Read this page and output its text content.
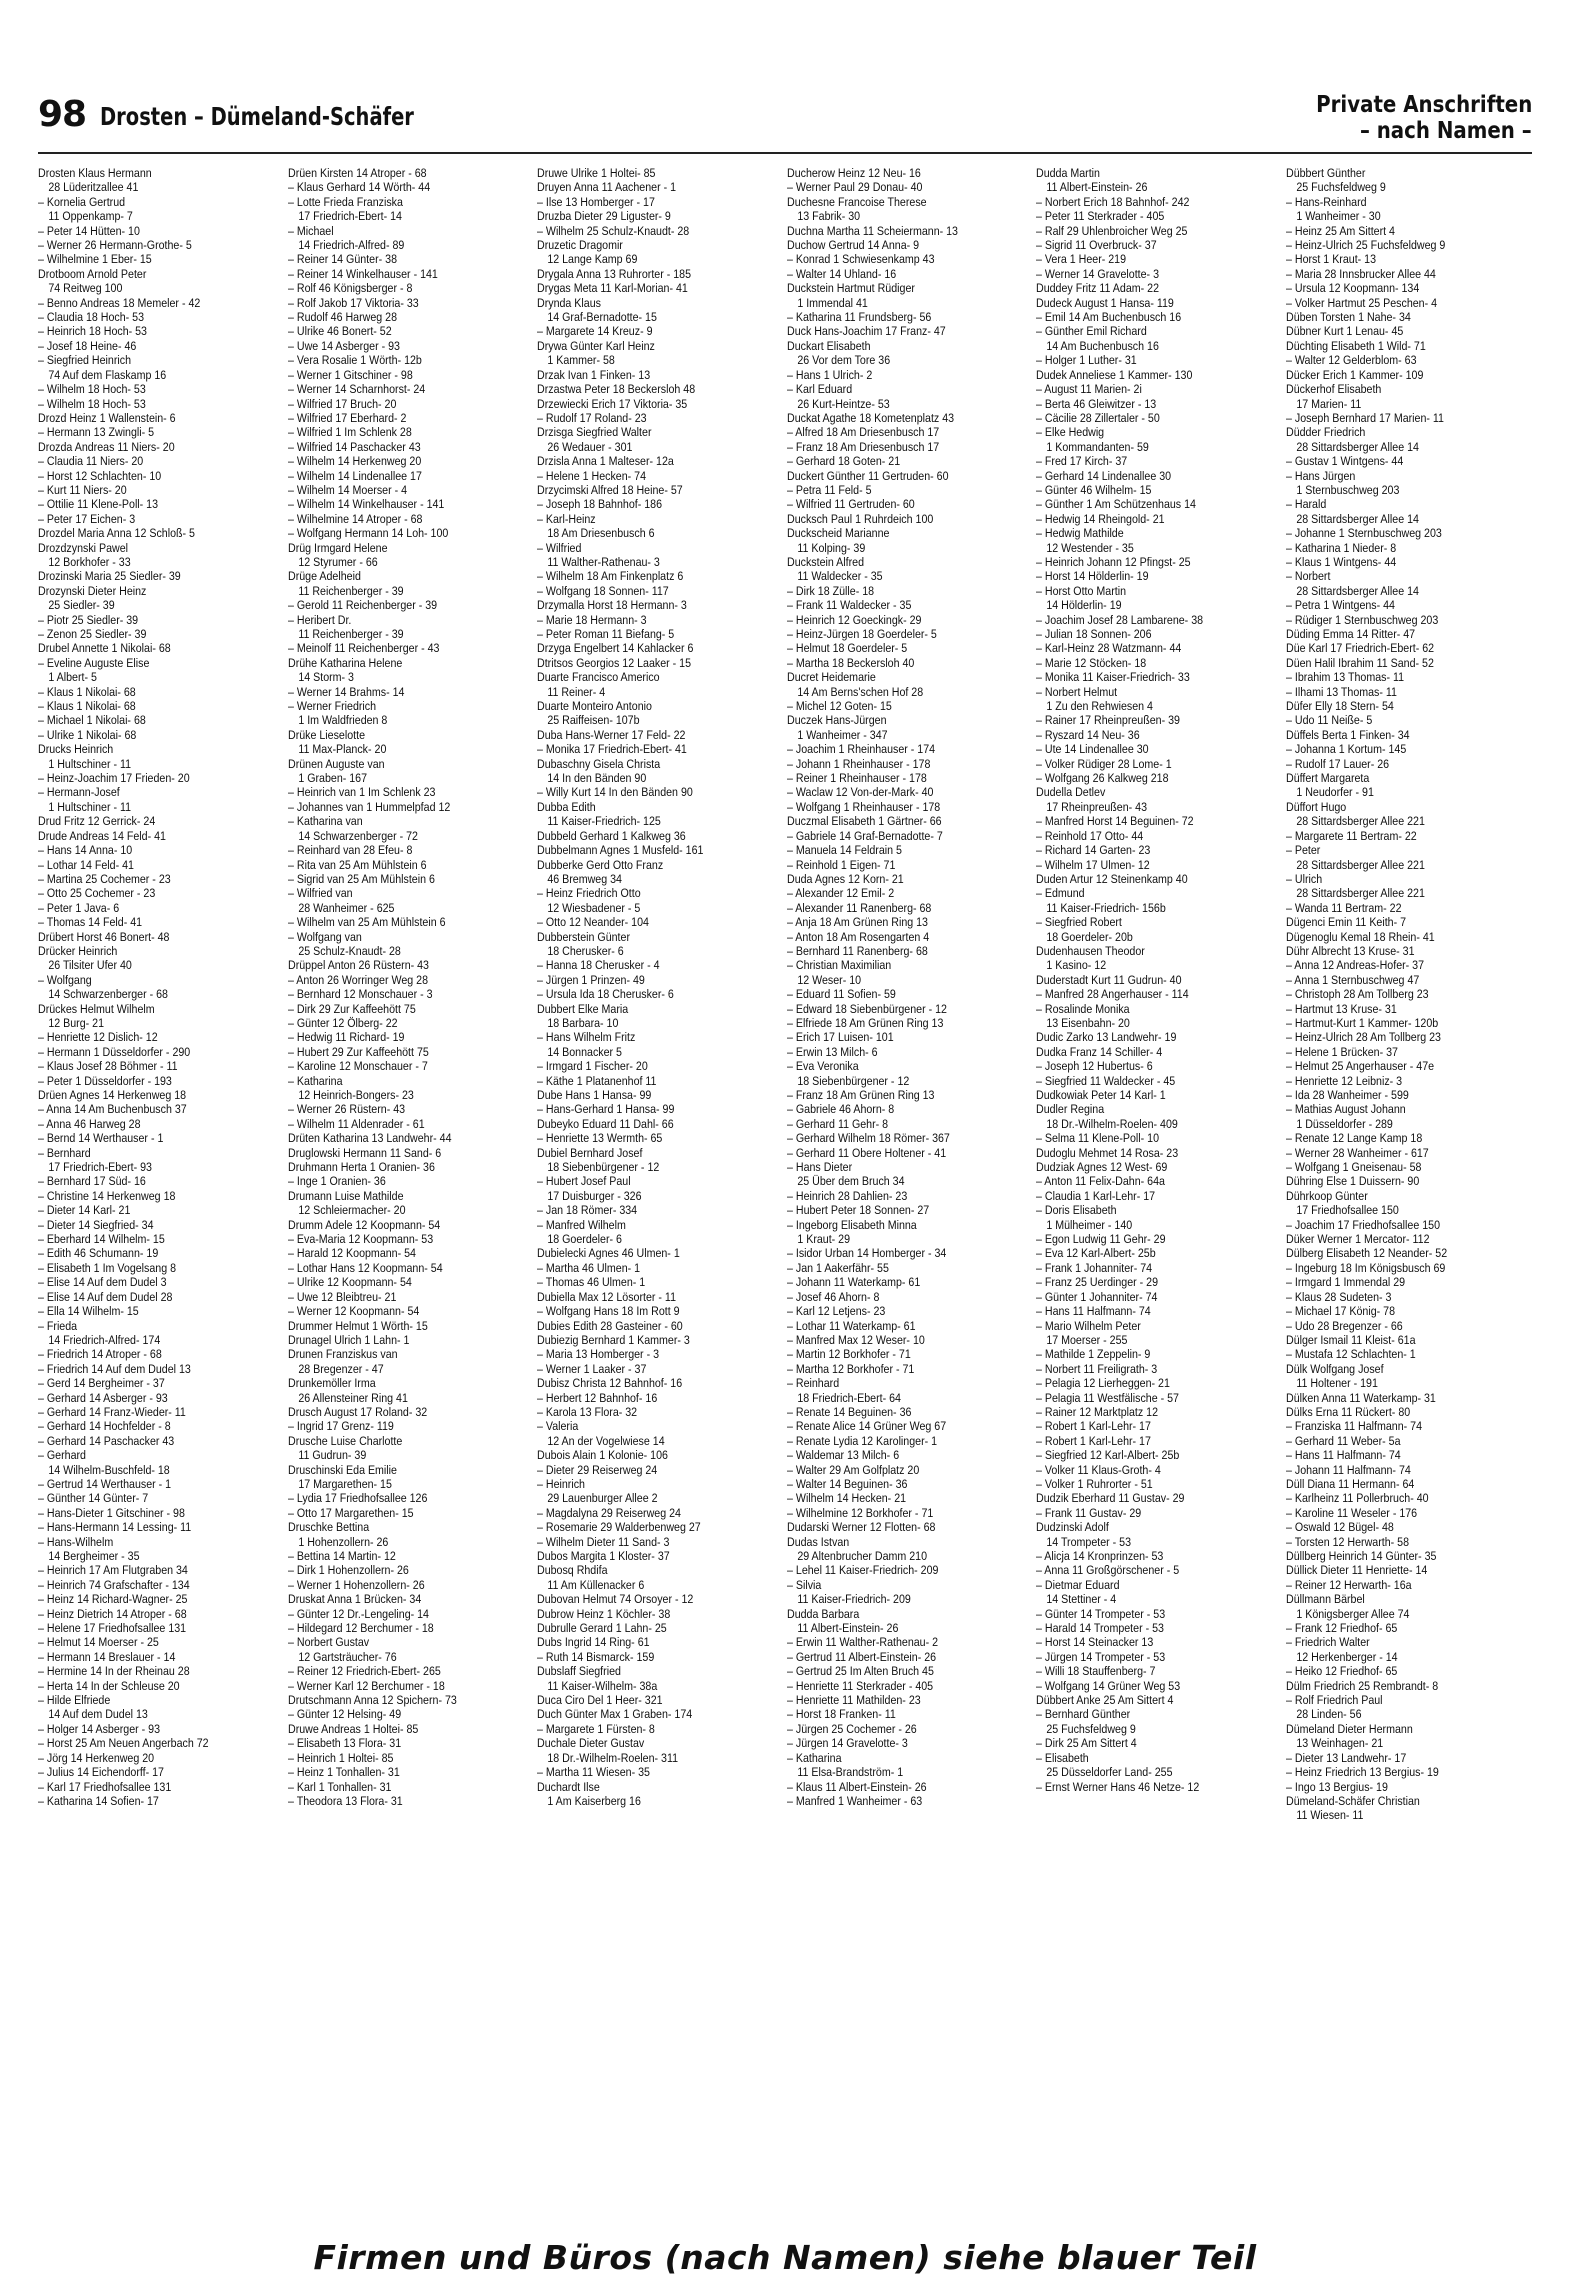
98 Drosten – Dümeland-Schäfer	Private Anschriften
– nach Namen –
Drosten Klaus Hermann
28 Lüderitzallee 41
– Kornelia Gertrud
11 Oppenkamp- 7
– Peter 14 Hütten- 10
– Werner 26 Hermann-Grothe- 5
– Wilhelmine 1 Eber- 15
Drotboom Arnold Peter
74 Reitweg 100
– Benno Andreas 18 Memeler - 42
– Claudia 18 Hoch- 53
– Heinrich 18 Hoch- 53
– Josef 18 Heine- 46
– Siegfried Heinrich
74 Auf dem Flaskamp 16
– Wilhelm 18 Hoch- 53
– Wilhelm 18 Hoch- 53
Drozd Heinz 1 Wallenstein- 6
– Hermann 13 Zwingli- 5
Drozda Andreas 11 Niers- 20
– Claudia 11 Niers- 20
– Horst 12 Schlachten- 10
– Kurt 11 Niers- 20
– Ottilie 11 Klene-Poll- 13
– Peter 17 Eichen- 3
Drozdel Maria Anna 12 Schloß- 5
Drozdzynski Pawel
12 Borkhofer - 33
Drozinski Maria 25 Siedler- 39
Drozynski Dieter Heinz
25 Siedler- 39
– Piotr 25 Siedler- 39
– Zenon 25 Siedler- 39
Drubel Annette 1 Nikolai- 68
– Eveline Auguste Elise
1 Albert- 5
– Klaus 1 Nikolai- 68
– Klaus 1 Nikolai- 68
– Michael 1 Nikolai- 68
– Ulrike 1 Nikolai- 68
Drucks Heinrich
1 Hultschiner - 11
– Heinz-Joachim 17 Frieden- 20
– Hermann-Josef
1 Hultschiner - 11
Drud Fritz 12 Gerrick- 24
Drude Andreas 14 Feld- 41
– Hans 14 Anna- 10
– Lothar 14 Feld- 41
– Martina 25 Cochemer - 23
– Otto 25 Cochemer - 23
– Peter 1 Java- 6
– Thomas 14 Feld- 41
Drübert Horst 46 Bonert- 48
Drücker Heinrich
26 Tilsiter Ufer 40
– Wolfgang
14 Schwarzenberger - 68
Drückes Helmut Wilhelm
12 Burg- 21
– Henriette 12 Dislich- 12
– Hermann 1 Düsseldorfer - 290
– Klaus Josef 28 Böhmer - 11
– Peter 1 Düsseldorfer - 193
Drüen Agnes 14 Herkenweg 18
– Anna 14 Am Buchenbusch 37
– Anna 46 Harweg 28
– Bernd 14 Werthauser - 1
– Bernhard
17 Friedrich-Ebert- 93
– Bernhard 17 Süd- 16
– Christine 14 Herkenweg 18
– Dieter 14 Karl- 21
– Dieter 14 Siegfried- 34
– Eberhard 14 Wilhelm- 15
– Edith 46 Schumann- 19
– Elisabeth 1 Im Vogelsang 8
– Elise 14 Auf dem Dudel 3
– Elise 14 Auf dem Dudel 28
– Ella 14 Wilhelm- 15
– Frieda
14 Friedrich-Alfred- 174
– Friedrich 14 Atroper - 68
– Friedrich 14 Auf dem Dudel 13
– Gerd 14 Bergheimer - 37
– Gerhard 14 Asberger - 93
– Gerhard 14 Franz-Wieder- 11
– Gerhard 14 Hochfelder - 8
– Gerhard 14 Paschacker 43
– Gerhard
14 Wilhelm-Buschfeld- 18
– Gertrud 14 Werthauser - 1
– Günther 14 Günter- 7
– Hans-Dieter 1 Gitschiner - 98
– Hans-Hermann 14 Lessing- 11
– Hans-Wilhelm
14 Bergheimer - 35
– Heinrich 17 Am Flutgraben 34
– Heinrich 74 Grafschafter - 134
– Heinz 14 Richard-Wagner- 25
– Heinz Dietrich 14 Atroper - 68
– Helene 17 Friedhofsallee 131
– Helmut 14 Moerser - 25
– Hermann 14 Breslauer - 14
– Hermine 14 In der Rheinau 28
– Herta 14 In der Schleuse 20
– Hilde Elfriede
14 Auf dem Dudel 13
– Holger 14 Asberger - 93
– Horst 25 Am Neuen Angerbach 72
– Jörg 14 Herkenweg 20
– Julius 14 Eichendorff- 17
– Karl 17 Friedhofsallee 131
– Katharina 14 Sofien- 17
Drüen Kirsten 14 Atroper - 68
– Klaus Gerhard 14 Wörth- 44
– Lotte Frieda Franziska
17 Friedrich-Ebert- 14
– Michael
14 Friedrich-Alfred- 89
– Reiner 14 Günter- 38
– Reiner 14 Winkelhauser - 141
– Rolf 46 Königsberger - 8
– Rolf Jakob 17 Viktoria- 33
– Rudolf 46 Harweg 28
– Ulrike 46 Bonert- 52
– Uwe 14 Asberger - 93
– Vera Rosalie 1 Wörth- 12b
– Werner 1 Gitschiner - 98
– Werner 14 Scharnhorst- 24
– Wilfried 17 Bruch- 20
– Wilfried 17 Eberhard- 2
– Wilfried 1 Im Schlenk 28
– Wilfried 14 Paschacker 43
– Wilhelm 14 Herkenweg 20
– Wilhelm 14 Lindenallee 17
– Wilhelm 14 Moerser - 4
– Wilhelm 14 Winkelhauser - 141
– Wilhelmine 14 Atroper - 68
– Wolfgang Hermann 14 Loh- 100
Drüg Irmgard Helene
12 Styrumer - 66
Drüge Adelheid
11 Reichenberger - 39
– Gerold 11 Reichenberger - 39
– Heribert Dr.
11 Reichenberger - 39
– Meinolf 11 Reichenberger - 43
Drühe Katharina Helene
14 Storm- 3
– Werner 14 Brahms- 14
– Werner Friedrich
1 Im Waldfrieden 8
Drüke Lieselotte
11 Max-Planck- 20
Drünen Auguste van
1 Graben- 167
– Heinrich van 1 Im Schlenk 23
– Johannes van 1 Hummelpfad 12
– Katharina van
14 Schwarzenberger - 72
– Reinhard van 28 Efeu- 8
– Rita van 25 Am Mühlstein 6
– Sigrid van 25 Am Mühlstein 6
– Wilfried van
28 Wanheimer - 625
– Wilhelm van 25 Am Mühlstein 6
– Wolfgang van
25 Schulz-Knaudt- 28
Drüppel Anton 26 Rüstern- 43
– Anton 26 Worringer Weg 28
– Bernhard 12 Monschauer - 3
– Dirk 29 Zur Kaffeehött 75
– Günter 12 Ölberg- 22
– Hedwig 11 Richard- 19
– Hubert 29 Zur Kaffeehött 75
– Karoline 12 Monschauer - 7
– Katharina
12 Heinrich-Bongers- 23
– Werner 26 Rüstern- 43
– Wilhelm 11 Aldenrader - 61
Drüten Katharina 13 Landwehr- 44
Druglowski Hermann 11 Sand- 6
Druhmann Herta 1 Oranien- 36
– Inge 1 Oranien- 36
Drumann Luise Mathilde
12 Schleiermacher- 20
Drumm Adele 12 Koopmann- 54
– Eva-Maria 12 Koopmann- 53
– Harald 12 Koopmann- 54
– Lothar Hans 12 Koopmann- 54
– Ulrike 12 Koopmann- 54
– Uwe 12 Bleibtreu- 21
– Werner 12 Koopmann- 54
Drummer Helmut 1 Wörth- 15
Drunagel Ulrich 1 Lahn- 1
Drunen Franziskus van
28 Bregenzer - 47
Drunkemöller Irma
26 Allensteiner Ring 41
Drusch August 17 Roland- 32
– Ingrid 17 Grenz- 119
Drusche Luise Charlotte
11 Gudrun- 39
Druschinski Eda Emilie
17 Margarethen- 15
– Lydia 17 Friedhofsallee 126
– Otto 17 Margarethen- 15
Druschke Bettina
1 Hohenzollern- 26
– Bettina 14 Martin- 12
– Dirk 1 Hohenzollern- 26
– Werner 1 Hohenzollern- 26
Druskat Anna 1 Brücken- 34
– Günter 12 Dr.-Lengeling- 14
– Hildegard 12 Berchumer - 18
– Norbert Gustav
12 Gartsträucher- 76
– Reiner 12 Friedrich-Ebert- 265
– Werner Karl 12 Berchumer - 18
Drutschmann Anna 12 Spichern- 73
– Günter 12 Helsing- 49
Druwe Andreas 1 Holtei- 85
– Elisabeth 13 Flora- 31
– Heinrich 1 Holtei- 85
– Heinz 1 Tonhallen- 31
– Karl 1 Tonhallen- 31
– Theodora 13 Flora- 31
Druwe Ulrike 1 Holtei- 85
Druyen Anna 11 Aachener - 1
– Ilse 13 Homberger - 17
Druzba Dieter 29 Liguster- 9
– Wilhelm 25 Schulz-Knaudt- 28
Druzetic Dragomir
12 Lange Kamp 69
Drygala Anna 13 Ruhrorter - 185
Drygas Meta 11 Karl-Morian- 41
Drynda Klaus
14 Graf-Bernadotte- 15
– Margarete 14 Kreuz- 9
Drywa Günter Karl Heinz
1 Kammer- 58
Drzak Ivan 1 Finken- 13
Drzastwa Peter 18 Beckersloh 48
Drzewiecki Erich 17 Viktoria- 35
– Rudolf 17 Roland- 23
Drzisga Siegfried Walter
26 Wedauer - 301
Drzisla Anna 1 Malteser- 12a
– Helene 1 Hecken- 74
Drzycimski Alfred 18 Heine- 57
– Joseph 18 Bahnhof- 186
– Karl-Heinz
18 Am Driesenbusch 6
– Wilfried
11 Walther-Rathenau- 3
– Wilhelm 18 Am Finkenplatz 6
– Wolfgang 18 Sonnen- 117
Drzymalla Horst 18 Hermann- 3
– Marie 18 Hermann- 3
– Peter Roman 11 Biefang- 5
Drzyga Engelbert 14 Kahlacker 6
Dtritsos Georgios 12 Laaker - 15
Duarte Francisco Americo
11 Reiner- 4
Duarte Monteiro Antonio
25 Raiffeisen- 107b
Duba Hans-Werner 17 Feld- 22
– Monika 17 Friedrich-Ebert- 41
Dubaschny Gisela Christa
14 In den Bänden 90
– Willy Kurt 14 In den Bänden 90
Dubba Edith
11 Kaiser-Friedrich- 125
Dubbeld Gerhard 1 Kalkweg 36
Dubbelmann Agnes 1 Musfeld- 161
Dubberke Gerd Otto Franz
46 Bremweg 34
– Heinz Friedrich Otto
12 Wiesbadener - 5
– Otto 12 Neander- 104
Dubberstein Günter
18 Cherusker- 6
– Hanna 18 Cherusker - 4
– Jürgen 1 Prinzen- 49
– Ursula Ida 18 Cherusker- 6
Dubbert Elke Maria
18 Barbara- 10
– Hans Wilhelm Fritz
14 Bonnacker 5
– Irmgard 1 Fischer- 20
– Käthe 1 Platanenhof 11
Dube Hans 1 Hansa- 99
– Hans-Gerhard 1 Hansa- 99
Dubeyko Eduard 11 Dahl- 66
– Henriette 13 Wermth- 65
Dubiel Bernhard Josef
18 Siebenbürgener - 12
– Hubert Josef Paul
17 Duisburger - 326
– Jan 18 Römer- 334
– Manfred Wilhelm
18 Goerdeler- 6
Dubielecki Agnes 46 Ulmen- 1
– Martha 46 Ulmen- 1
– Thomas 46 Ulmen- 1
Dubiella Max 12 Lösorter - 11
– Wolfgang Hans 18 Im Rott 9
Dubies Edith 28 Gasteiner - 60
Dubiezig Bernhard 1 Kammer- 3
– Maria 13 Homberger - 3
– Werner 1 Laaker - 37
Dubisz Christa 12 Bahnhof- 16
– Herbert 12 Bahnhof- 16
– Karola 13 Flora- 32
– Valeria
12 An der Vogelwiese 14
Dubois Alain 1 Kolonie- 106
– Dieter 29 Reiserweg 24
– Heinrich
29 Lauenburger Allee 2
– Magdalyna 29 Reiserweg 24
– Rosemarie 29 Walderbenweg 27
– Wilhelm Dieter 11 Sand- 3
Dubos Margita 1 Kloster- 37
Dubosq Rhdifa
11 Am Küllenacker 6
Dubovan Helmut 74 Orsoyer - 12
Dubrow Heinz 1 Köchler- 38
Dubrulle Gerard 1 Lahn- 25
Dubs Ingrid 14 Ring- 61
– Ruth 14 Bismarck- 159
Dubslaff Siegfried
11 Kaiser-Wilhelm- 38a
Duca Ciro Del 1 Heer- 321
Duch Günter Max 1 Graben- 174
– Margarete 1 Fürsten- 8
Duchale Dieter Gustav
18 Dr.-Wilhelm-Roelen- 311
– Martha 11 Wiesen- 35
Duchardt Ilse
1 Am Kaiserberg 16
Ducherow Heinz 12 Neu- 16
– Werner Paul 29 Donau- 40
Duchesne Francoise Therese
13 Fabrik- 30
Duchna Martha 11 Scheiermann- 13
Duchow Gertrud 14 Anna- 9
– Konrad 1 Schwiesenkamp 43
– Walter 14 Uhland- 16
Duckstein Hartmut Rüdiger
1 Immendal 41
– Katharina 11 Frundsberg- 56
Duck Hans-Joachim 17 Franz- 47
Duckart Elisabeth
26 Vor dem Tore 36
– Hans 1 Ulrich- 2
– Karl Eduard
26 Kurt-Heintze- 53
Duckat Agathe 18 Kometenplatz 43
– Alfred 18 Am Driesenbusch 17
– Franz 18 Am Driesenbusch 17
– Gerhard 18 Goten- 21
Duckert Günther 11 Gertruden- 60
– Petra 11 Feld- 5
– Wilfried 11 Gertruden- 60
Ducksch Paul 1 Ruhrdeich 100
Duckscheid Marianne
11 Kolping- 39
Duckstein Alfred
11 Waldecker - 35
– Dirk 18 Zülle- 18
– Frank 11 Waldecker - 35
– Heinrich 12 Goeckingk- 29
– Heinz-Jürgen 18 Goerdeler- 5
– Helmut 18 Goerdeler- 5
– Martha 18 Beckersloh 40
Ducret Heidemarie
14 Am Berns'schen Hof 28
– Michel 12 Goten- 15
Duczek Hans-Jürgen
1 Wanheimer - 347
– Joachim 1 Rheinhauser - 174
– Johann 1 Rheinhauser - 178
– Reiner 1 Rheinhauser - 178
– Waclaw 12 Von-der-Mark- 40
– Wolfgang 1 Rheinhauser - 178
Duczmal Elisabeth 1 Gärtner- 66
– Gabriele 14 Graf-Bernadotte- 7
– Manuela 14 Feldrain 5
– Reinhold 1 Eigen- 71
Duda Agnes 12 Korn- 21
– Alexander 12 Emil- 2
– Alexander 11 Ranenberg- 68
– Anja 18 Am Grünen Ring 13
– Anton 18 Am Rosengarten 4
– Bernhard 11 Ranenberg- 68
– Christian Maximilian
12 Weser- 10
– Eduard 11 Sofien- 59
– Edward 18 Siebenbürgener - 12
– Elfriede 18 Am Grünen Ring 13
– Erich 17 Luisen- 101
– Erwin 13 Milch- 6
– Eva Veronika
18 Siebenbürgener - 12
– Franz 18 Am Grünen Ring 13
– Gabriele 46 Ahorn- 8
– Gerhard 11 Gehr- 8
– Gerhard Wilhelm 18 Römer- 367
– Gerhard 11 Obere Holtener - 41
– Hans Dieter
25 Über dem Bruch 34
– Heinrich 28 Dahlien- 23
– Hubert Peter 18 Sonnen- 27
– Ingeborg Elisabeth Minna
1 Kraut- 29
– Isidor Urban 14 Homberger - 34
– Jan 1 Aakerfähr- 55
– Johann 11 Waterkamp- 61
– Josef 46 Ahorn- 8
– Karl 12 Letjens- 23
– Lothar 11 Waterkamp- 61
– Manfred Max 12 Weser- 10
– Martin 12 Borkhofer - 71
– Martha 12 Borkhofer - 71
– Reinhard
18 Friedrich-Ebert- 64
– Renate 14 Beguinen- 36
– Renate Alice 14 Grüner Weg 67
– Renate Lydia 12 Karolinger- 1
– Waldemar 13 Milch- 6
– Walter 29 Am Golfplatz 20
– Walter 14 Beguinen- 36
– Wilhelm 14 Hecken- 21
– Wilhelmine 12 Borkhofer - 71
Dudarski Werner 12 Flotten- 68
Dudas Istvan
29 Altenbrucher Damm 210
– Lehel 11 Kaiser-Friedrich- 209
– Silvia
11 Kaiser-Friedrich- 209
Dudda Barbara
11 Albert-Einstein- 26
– Erwin 11 Walther-Rathenau- 2
– Gertrud 11 Albert-Einstein- 26
– Gertrud 25 Im Alten Bruch 45
– Henriette 11 Sterkrader - 405
– Henriette 11 Mathilden- 23
– Horst 18 Franken- 11
– Jürgen 25 Cochemer - 26
– Jürgen 14 Gravelotte- 3
– Katharina
11 Elsa-Brandström- 1
– Klaus 11 Albert-Einstein- 26
– Manfred 1 Wanheimer - 63
Dudda Martin
11 Albert-Einstein- 26
– Norbert Erich 18 Bahnhof- 242
– Peter 11 Sterkrader - 405
– Ralf 29 Uhlenbroicher Weg 25
– Sigrid 11 Overbruck- 37
– Vera 1 Heer- 219
– Werner 14 Gravelotte- 3
Duddey Fritz 11 Adam- 22
Dudeck August 1 Hansa- 119
– Emil 14 Am Buchenbusch 16
– Günther Emil Richard
14 Am Buchenbusch 16
– Holger 1 Luther- 31
Dudek Anneliese 1 Kammer- 130
– August 11 Marien- 2i
– Berta 46 Gleiwitzer - 13
– Cäcilie 28 Zillertaler - 50
– Elke Hedwig
1 Kommandanten- 59
– Fred 17 Kirch- 37
– Gerhard 14 Lindenallee 30
– Günter 46 Wilhelm- 15
– Günther 1 Am Schützenhaus 14
– Hedwig 14 Rheingold- 21
– Hedwig Mathilde
12 Westender - 35
– Heinrich Johann 12 Pfingst- 25
– Horst 14 Hölderlin- 19
– Horst Otto Martin
14 Hölderlin- 19
– Joachim Josef 28 Lambarene- 38
– Julian 18 Sonnen- 206
– Karl-Heinz 28 Watzmann- 44
– Marie 12 Stöcken- 18
– Monika 11 Kaiser-Friedrich- 33
– Norbert Helmut
1 Zu den Rehwiesen 4
– Rainer 17 Rheinpreußen- 39
– Ryszard 14 Neu- 36
– Ute 14 Lindenallee 30
– Volker Rüdiger 28 Lome- 1
– Wolfgang 26 Kalkweg 218
Dudella Detlev
17 Rheinpreußen- 43
– Manfred Horst 14 Beguinen- 72
– Reinhold 17 Otto- 44
– Richard 14 Garten- 23
– Wilhelm 17 Ulmen- 12
Duden Artur 12 Steinenkamp 40
– Edmund
11 Kaiser-Friedrich- 156b
– Siegfried Robert
18 Goerdeler- 20b
Dudenhausen Theodor
1 Kasino- 12
Duderstadt Kurt 11 Gudrun- 40
– Manfred 28 Angerhauser - 114
– Rosalinde Monika
13 Eisenbahn- 20
Dudic Zarko 13 Landwehr- 19
Dudka Franz 14 Schiller- 4
– Joseph 12 Hubertus- 6
– Siegfried 11 Waldecker - 45
Dudkowiak Peter 14 Karl- 1
Dudler Regina
18 Dr.-Wilhelm-Roelen- 409
– Selma 11 Klene-Poll- 10
Dudoglu Mehmet 14 Rosa- 23
Dudziak Agnes 12 West- 69
– Anton 11 Felix-Dahn- 64a
– Claudia 1 Karl-Lehr- 17
– Doris Elisabeth
1 Mülheimer - 140
– Egon Ludwig 11 Gehr- 29
– Eva 12 Karl-Albert- 25b
– Frank 1 Johanniter- 74
– Franz 25 Uerdinger - 29
– Günter 1 Johanniter- 74
– Hans 11 Halfmann- 74
– Mario Wilhelm Peter
17 Moerser - 255
– Mathilde 1 Zeppelin- 9
– Norbert 11 Freiligrath- 3
– Pelagia 12 Lierheggen- 21
– Pelagia 11 Westfälische - 57
– Rainer 12 Marktplatz 12
– Robert 1 Karl-Lehr- 17
– Robert 1 Karl-Lehr- 17
– Siegfried 12 Karl-Albert- 25b
– Volker 11 Klaus-Groth- 4
– Volker 1 Ruhrorter - 51
Dudzik Eberhard 11 Gustav- 29
– Frank 11 Gustav- 29
Dudzinski Adolf
14 Trompeter - 53
– Alicja 14 Kronprinzen- 53
– Anna 11 Großgörschener - 5
– Dietmar Eduard
14 Stettiner - 4
– Günter 14 Trompeter - 53
– Harald 14 Trompeter - 53
– Horst 14 Steinacker 13
– Jürgen 14 Trompeter - 53
– Willi 18 Stauffenberg- 7
– Wolfgang 14 Grüner Weg 53
Dübbert Anke 25 Am Sittert 4
– Bernhard Günther
25 Fuchsfeldweg 9
– Dirk 25 Am Sittert 4
– Elisabeth
25 Düsseldorfer Land- 255
– Ernst Werner Hans 46 Netze- 12
Dübbert Günther
25 Fuchsfeldweg 9
– Hans-Reinhard
1 Wanheimer - 30
– Heinz 25 Am Sittert 4
– Heinz-Ulrich 25 Fuchsfeldweg 9
– Horst 1 Kraut- 13
– Maria 28 Innsbrucker Allee 44
– Ursula 12 Koopmann- 134
– Volker Hartmut 25 Peschen- 4
Düben Torsten 1 Nahe- 34
Dübner Kurt 1 Lenau- 45
Düchting Elisabeth 1 Wild- 71
– Walter 12 Gelderblom- 63
Dücker Erich 1 Kammer- 109
Dückerhof Elisabeth
17 Marien- 11
– Joseph Bernhard 17 Marien- 11
Düdder Friedrich
28 Sittardsberger Allee 14
– Gustav 1 Wintgens- 44
– Hans Jürgen
1 Sternbuschweg 203
– Harald
28 Sittardsberger Allee 14
– Johanne 1 Sternbuschweg 203
– Katharina 1 Nieder- 8
– Klaus 1 Wintgens- 44
– Norbert
28 Sittardsberger Allee 14
– Petra 1 Wintgens- 44
– Rüdiger 1 Sternbuschweg 203
Düding Emma 14 Ritter- 47
Düe Karl 17 Friedrich-Ebert- 62
Düen Halil Ibrahim 11 Sand- 52
– Ibrahim 13 Thomas- 11
– Ilhami 13 Thomas- 11
Düfer Elly 18 Stern- 54
– Udo 11 Neiße- 5
Düffels Berta 1 Finken- 34
– Johanna 1 Kortum- 145
– Rudolf 17 Lauer- 26
Düffert Margareta
1 Neudorfer - 91
Düffort Hugo
28 Sittardsberger Allee 221
– Margarete 11 Bertram- 22
– Peter
28 Sittardsberger Allee 221
– Ulrich
28 Sittardsberger Allee 221
– Wanda 11 Bertram- 22
Dügenci Emin 11 Keith- 7
Dügenoglu Kemal 18 Rhein- 41
Dühr Albrecht 13 Kruse- 31
– Anna 12 Andreas-Hofer- 37
– Anna 1 Sternbuschweg 47
– Christoph 28 Am Tollberg 23
– Hartmut 13 Kruse- 31
– Hartmut-Kurt 1 Kammer- 120b
– Heinz-Ulrich 28 Am Tollberg 23
– Helene 1 Brücken- 37
– Helmut 25 Angerhauser - 47e
– Henriette 12 Leibniz- 3
– Ida 28 Wanheimer - 599
– Mathias August Johann
1 Düsseldorfer - 289
– Renate 12 Lange Kamp 18
– Werner 28 Wanheimer - 617
– Wolfgang 1 Gneisenau- 58
Dühring Else 1 Duissern- 90
Dührkoop Günter
17 Friedhofsallee 150
– Joachim 17 Friedhofsallee 150
Düker Werner 1 Mercator- 112
Dülberg Elisabeth 12 Neander- 52
– Ingeburg 18 Im Königsbusch 69
– Irmgard 1 Immendal 29
– Klaus 28 Sudeten- 3
– Michael 17 König- 78
– Udo 28 Bregenzer - 66
Dülger Ismail 11 Kleist- 61a
– Mustafa 12 Schlachten- 1
Dülk Wolfgang Josef
11 Holtener - 191
Dülken Anna 11 Waterkamp- 31
Dülks Erna 11 Rückert- 80
– Franziska 11 Halfmann- 74
– Gerhard 11 Weber- 5a
– Hans 11 Halfmann- 74
– Johann 11 Halfmann- 74
Düll Diana 11 Hermann- 64
– Karlheinz 11 Pollerbruch- 40
– Karoline 11 Weseler - 176
– Oswald 12 Bügel- 48
– Torsten 12 Herwarth- 58
Düllberg Heinrich 14 Günter- 35
Düllick Dieter 11 Henriette- 14
– Reiner 12 Herwarth- 16a
Düllmann Bärbel
1 Königsberger Allee 74
– Frank 12 Friedhof- 65
– Friedrich Walter
12 Herkenberger - 14
– Heiko 12 Friedhof- 65
Dülm Friedrich 25 Rembrandt- 8
– Rolf Friedrich Paul
28 Linden- 56
Dümeland Dieter Hermann
13 Weinhagen- 21
– Dieter 13 Landwehr- 17
– Heinz Friedrich 13 Bergius- 19
– Ingo 13 Bergius- 19
Dümeland-Schäfer Christian
11 Wiesen- 11
Firmen und Büros (nach Namen) siehe blauer Teil
